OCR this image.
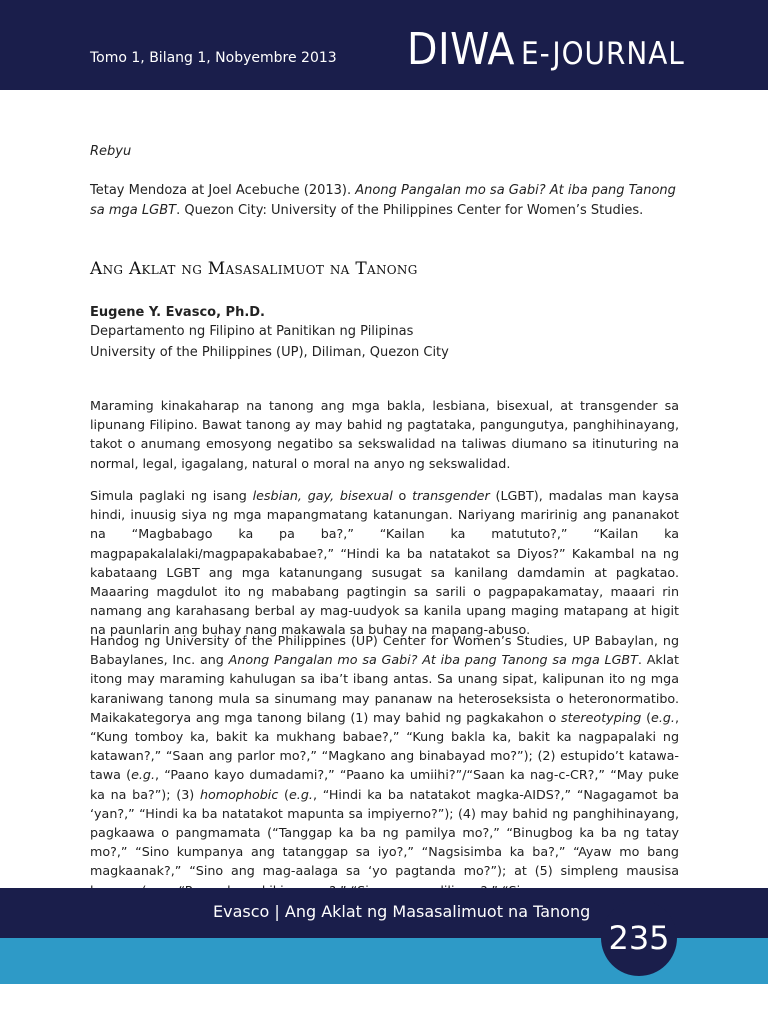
Tomo 1, Bilang 1, Nobyembre 2013 DIWA E-JOURNAL
Rebyu
Tetay Mendoza at Joel Acebuche (2013). Anong Pangalan mo sa Gabi? At iba pang Tanong sa mga LGBT. Quezon City: University of the Philippines Center for Women’s Studies.
Ang Aklat ng Masasalimuot na Tanong
Eugene Y. Evasco, Ph.D.
Departamento ng Filipino at Panitikan ng Pilipinas
University of the Philippines (UP), Diliman, Quezon City
Maraming kinakaharap na tanong ang mga bakla, lesbiana, bisexual, at transgender sa lipunang Filipino. Bawat tanong ay may bahid ng pagtataka, pangungutya, panghihinayang, takot o anumang emosyong negatibo sa sekswalidad na taliwas diumano sa itinuturing na normal, legal, igagalang, natural o moral na anyo ng sekswalidad.
Simula paglaki ng isang lesbian, gay, bisexual o transgender (LGBT), madalas man kaysa hindi, inuusig siya ng mga mapangmatang katanungan. Nariyang maririnig ang pananakot na “Magbabago ka pa ba?,” “Kailan ka matututo?,” “Kailan ka magpapakalalaki/magpapakababae?,” “Hindi ka ba natatakot sa Diyos?” Kakambal na ng kabataang LGBT ang mga katanungang susugat sa kanilang damdamin at pagkatao. Maaaring magdulot ito ng mababang pagtingin sa sarili o pagpapakamatay, maaari rin namang ang karahasang berbal ay mag-uudyok sa kanila upang maging matapang at higit na paunlarin ang buhay nang makawala sa buhay na mapang-abuso.
Handog ng University of the Philippines (UP) Center for Women’s Studies, UP Babaylan, ng Babaylanes, Inc. ang Anong Pangalan mo sa Gabi? At iba pang Tanong sa mga LGBT. Aklat itong may maraming kahulugan sa iba’t ibang antas. Sa unang sipat, kalipunan ito ng mga karaniwang tanong mula sa sinumang may pananaw na heteroseksista o heteronormatibo. Maikakategorya ang mga tanong bilang (1) may bahid ng pagkakahon o stereotyping (e.g., “Kung tomboy ka, bakit ka mukhang babae?,” “Kung bakla ka, bakit ka nagpapalaki ng katawan?,” “Saan ang parlor mo?,” “Magkano ang binabayad mo?”); (2) estupido’t katawa-tawa (e.g., “Paano kayo dumadami?,” “Paano ka umiihi?”/“Saan ka nag-c-CR?,” “May puke ka na ba?”); (3) homophobic (e.g., “Hindi ka ba natatakot magka-AIDS?,” “Nagagamot ba ‘yan?,” “Hindi ka ba natatakot mapunta sa impiyerno?”); (4) may bahid ng panghihinayang, pagkaawa o pangmamata (“Tanggap ka ba ng pamilya mo?,” “Binugbog ka ba ng tatay mo?,” “Sino kumpanya ang tatanggap sa iyo?,” “Nagsisimba ka ba?,” “Ayaw mo bang magkaanak?,” “Sino ang mag-aalaga sa ‘yo pagtanda mo?”); at (5) simpleng mausisa
Evasco | Ang Aklat ng Masasalimuot na Tanong
235
